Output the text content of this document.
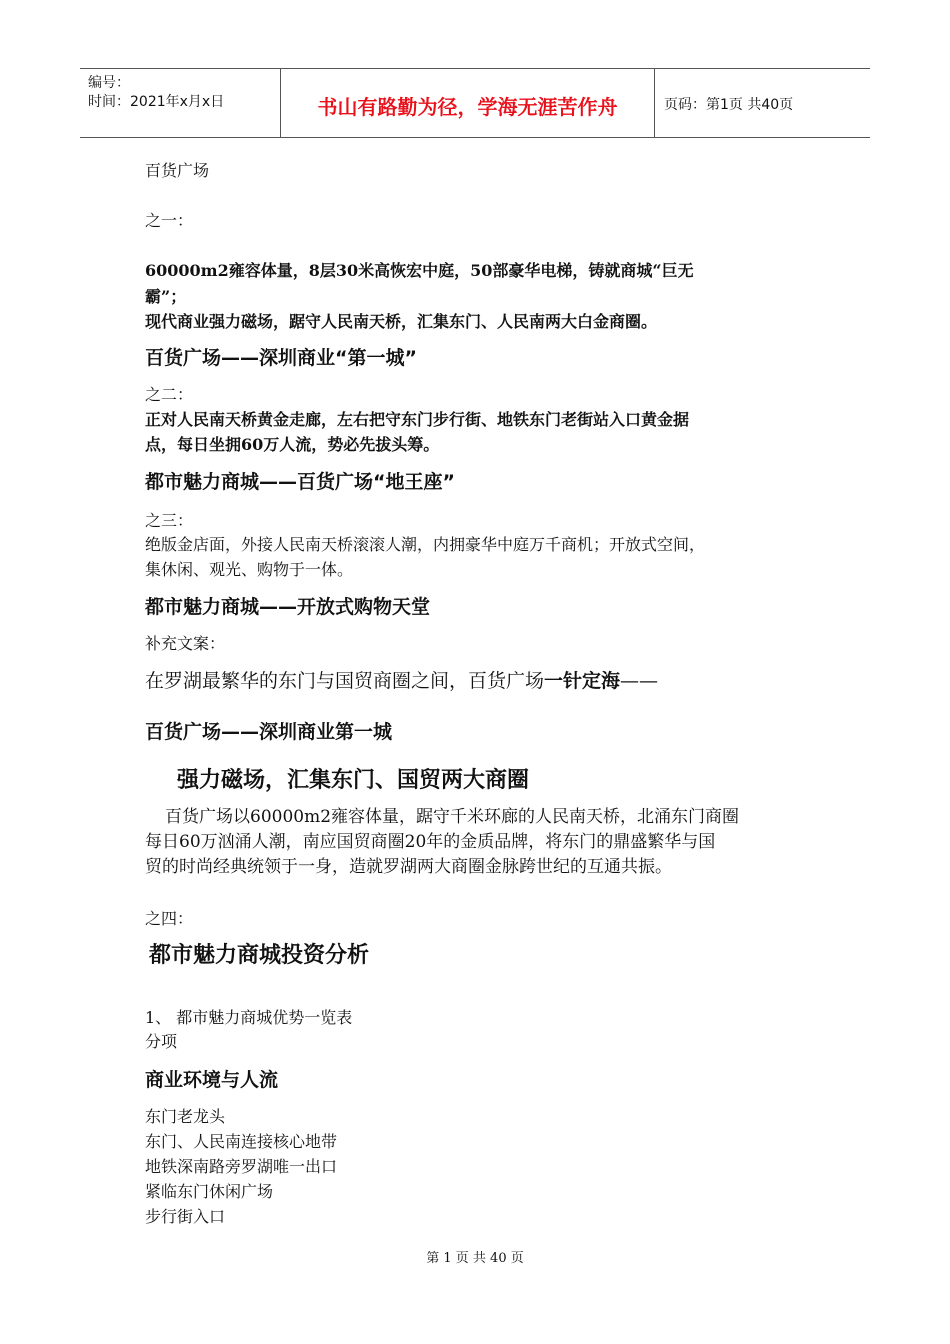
编号：
时间：2021年x月x日	书山有路勤为径，学海无涯苦作舟	页码：第1页 共40页
百货广场
之一：
60000m2雍容体量，8层30米高恢宏中庭，50部豪华电梯，铸就商城“巨无
霸”；
现代商业强力磁场，踞守人民南天桥，汇集东门、人民南两大白金商圈。
百货广场——深圳商业“第一城”
之二：
正对人民南天桥黄金走廊，左右把守东门步行街、地铁东门老街站入口黄金据
点，每日坐拥60万人流，势必先拔头筹。
都市魅力商城——百货广场“地王座”
之三：
绝版金店面，外接人民南天桥滚滚人潮，内拥豪华中庭万千商机；开放式空间，
集休闲、观光、购物于一体。
都市魅力商城——开放式购物天堂
补充文案：
在罗湖最繁华的东门与国贸商圈之间，百货广场一针定海——
百货广场——深圳商业第一城
强力磁场，汇集东门、国贸两大商圈
百货广场以60000m2雍容体量，踞守千米环廊的人民南天桥，北涌东门商圈
每日60万汹涌人潮，南应国贸商圈20年的金质品牌，将东门的鼎盛繁华与国
贸的时尚经典统领于一身，造就罗湖两大商圈金脉跨世纪的互通共振。
之四：
都市魅力商城投资分析
1、 都市魅力商城优势一览表
分项
商业环境与人流
东门老龙头
东门、人民南连接核心地带
地铁深南路旁罗湖唯一出口
紧临东门休闲广场
步行街入口
第 1 页 共 40 页
